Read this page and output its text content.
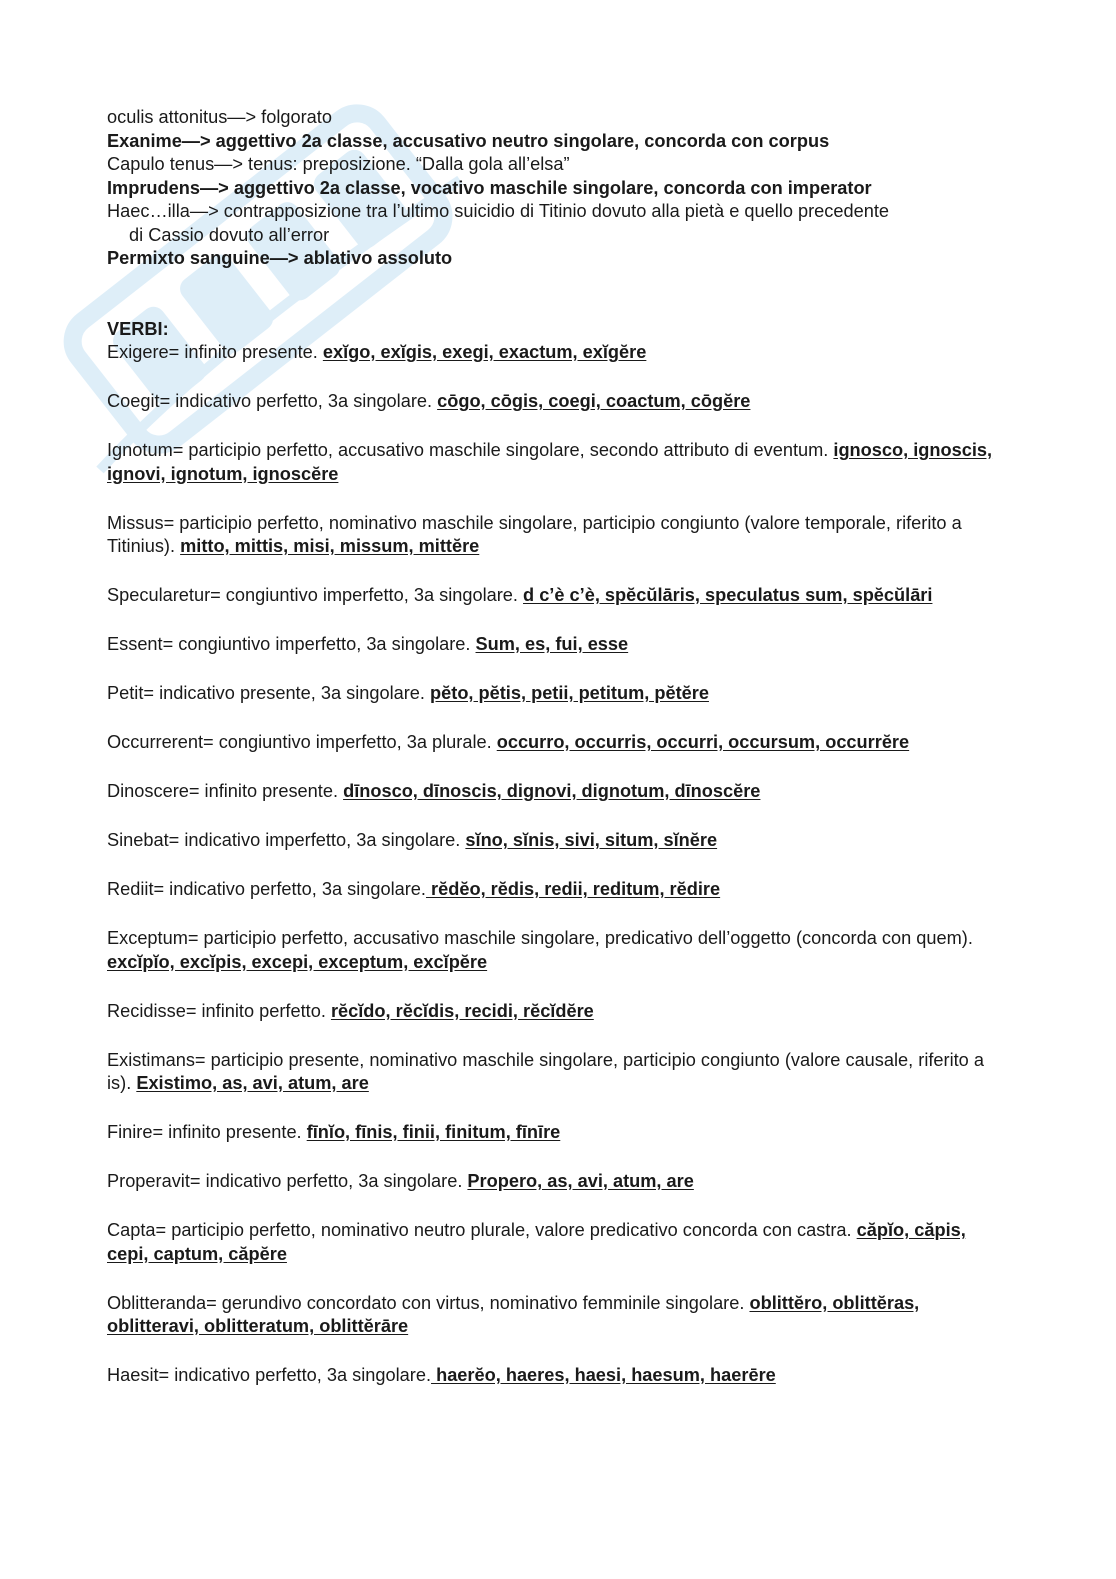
oculis attonitus—> folgorato

Exanime—> aggettivo 2a classe, accusativo neutro singolare, concorda con corpus

Capulo tenus—> tenus: preposizione. “Dalla gola all’elsa”

Imprudens—> aggettivo 2a classe, vocativo maschile singolare, concorda con imperator

Haec…illa—> contrapposizione tra l’ultimo suicidio di Titinio dovuto alla pietà e quello precedente

di Cassio dovuto all’error

Permixto sanguine—> ablativo assoluto

VERBI:

Exigere= infinito presente. exĭgo, exĭgis, exegi, exactum, exĭgĕre

Coegit= indicativo perfetto, 3a singolare. cōgo, cōgis, coegi, coactum, cōgĕre

Ignotum= participio perfetto, accusativo maschile singolare, secondo attributo di eventum. ignosco, ignoscis, ignovi, ignotum, ignoscĕre

Missus= participio perfetto, nominativo maschile singolare, participio congiunto (valore temporale, riferito a Titinius). mitto, mittis, misi, missum, mittĕre

Specularetur= congiuntivo imperfetto, 3a singolare. d c’è c’è, spĕcŭlāris, speculatus sum, spĕcŭlāri

Essent= congiuntivo imperfetto, 3a singolare. Sum, es, fui, esse

Petit= indicativo presente, 3a singolare. pĕto, pĕtis, petii, petitum, pĕtĕre

Occurrerent= congiuntivo imperfetto, 3a plurale. occurro, occurris, occurri, occursum, occurrĕre

Dinoscere= infinito presente. dīnosco, dīnoscis, dignovi, dignotum, dīnoscĕre

Sinebat= indicativo imperfetto, 3a singolare. sĭno, sĭnis, sivi, situm, sĭnĕre

Rediit= indicativo perfetto, 3a singolare. rĕdĕo, rĕdis, redii, reditum, rĕdire

Exceptum= participio perfetto, accusativo maschile singolare, predicativo dell’oggetto (concorda con quem). excĭpĭo, excĭpis, excepi, exceptum, excĭpĕre

Recidisse= infinito perfetto. rĕcĭdo, rĕcĭdis, recidi, rĕcĭdĕre

Existimans= participio presente, nominativo maschile singolare, participio congiunto (valore causale, riferito a is). Existimo, as, avi, atum, are

Finire= infinito presente. fīnĭo, fīnis, finii, finitum, fīnīre

Properavit= indicativo perfetto, 3a singolare. Propero, as, avi, atum, are

Capta= participio perfetto, nominativo neutro plurale, valore predicativo concorda con castra. căpĭo, căpis, cepi, captum, căpĕre

Oblitteranda= gerundivo concordato con virtus, nominativo femminile singolare. oblittĕro, oblittĕras, oblitteravi, oblitteratum, oblittĕrāre

Haesit= indicativo perfetto, 3a singolare. haerĕo, haeres, haesi, haesum, haerēre
